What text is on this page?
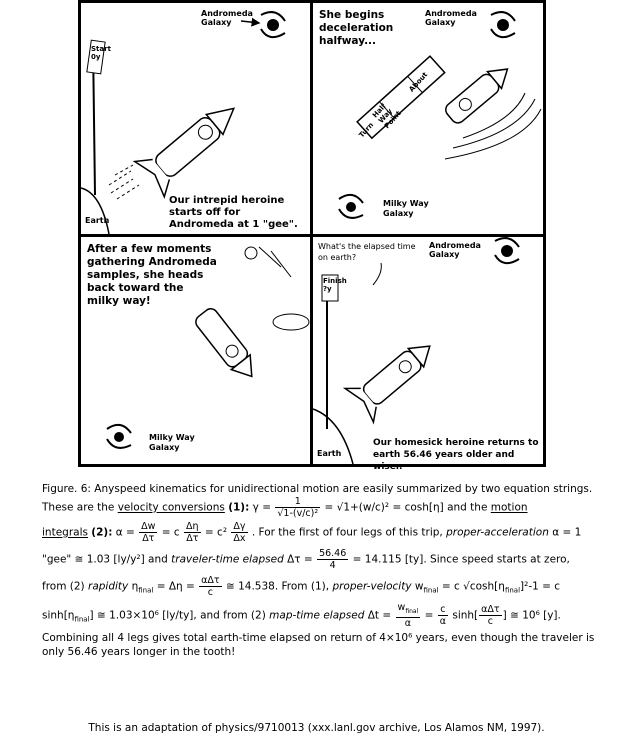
Andromeda Galaxy
Start 0y
Earth
Our intrepid heroine starts off for Andromeda at 1 "gee".
She begins deceleration halfway...
Andromeda Galaxy
Turn
Half Way Point
About
Milky Way Galaxy
After a few moments gathering Andromeda samples, she heads back toward the milky way!
Milky Way Galaxy
What's the elapsed time on earth?
Andromeda Galaxy
Finish ?y
Earth
Our homesick heroine returns to earth 56.46 years older and wiser.

Figure. 6: Anyspeed kinematics for unidirectional motion are easily summarized by two equation strings. These are the velocity conversions (1): $\gamma = \frac{1}{\text{√1-(v/c)²}} = √1+(w/c)^2 = \cosh[\eta]$ and the motion

integrals (2): $\alpha = \frac{\Delta w}{\Delta\tau} = c \frac{\Delta\eta}{\Delta\tau} = c^2 \frac{\Delta\gamma}{\Delta x}$ . For the first of four legs of this trip, proper-acceleration α = 1

"gee" ≅ 1.03 [ly/y²] and traveler-time elapsed $\Delta\tau = \frac{56.46}{4} = 14.115$ [ty]. Since speed starts at zero,

from (2) rapidity $\eta_{final} = \Delta\eta = \frac{\text{αΔτ}}{c}$ ≅ 14.538. From (1), proper-velocity $w_{final} = c$ $√\cosh[\eta_{final}]^2-1 = c$

$\sinh[\eta_{final}]$ ≅ 1.03×10⁶ [ly/ty], and from (2) map-time elapsed $\Delta t = \frac{w_{final}}{\alpha} = \frac{c}{\alpha} \sinh[ \frac{\text{αΔτ}}{c}$ ] ≅ 10⁶ [y].

Combining all 4 legs gives total earth-time elapsed on return of 4×10⁶ years, even though the traveler is only 56.46 years longer in the tooth!

This is an adaptation of physics/9710013 (xxx.lanl.gov archive, Los Alamos NM, 1997).
